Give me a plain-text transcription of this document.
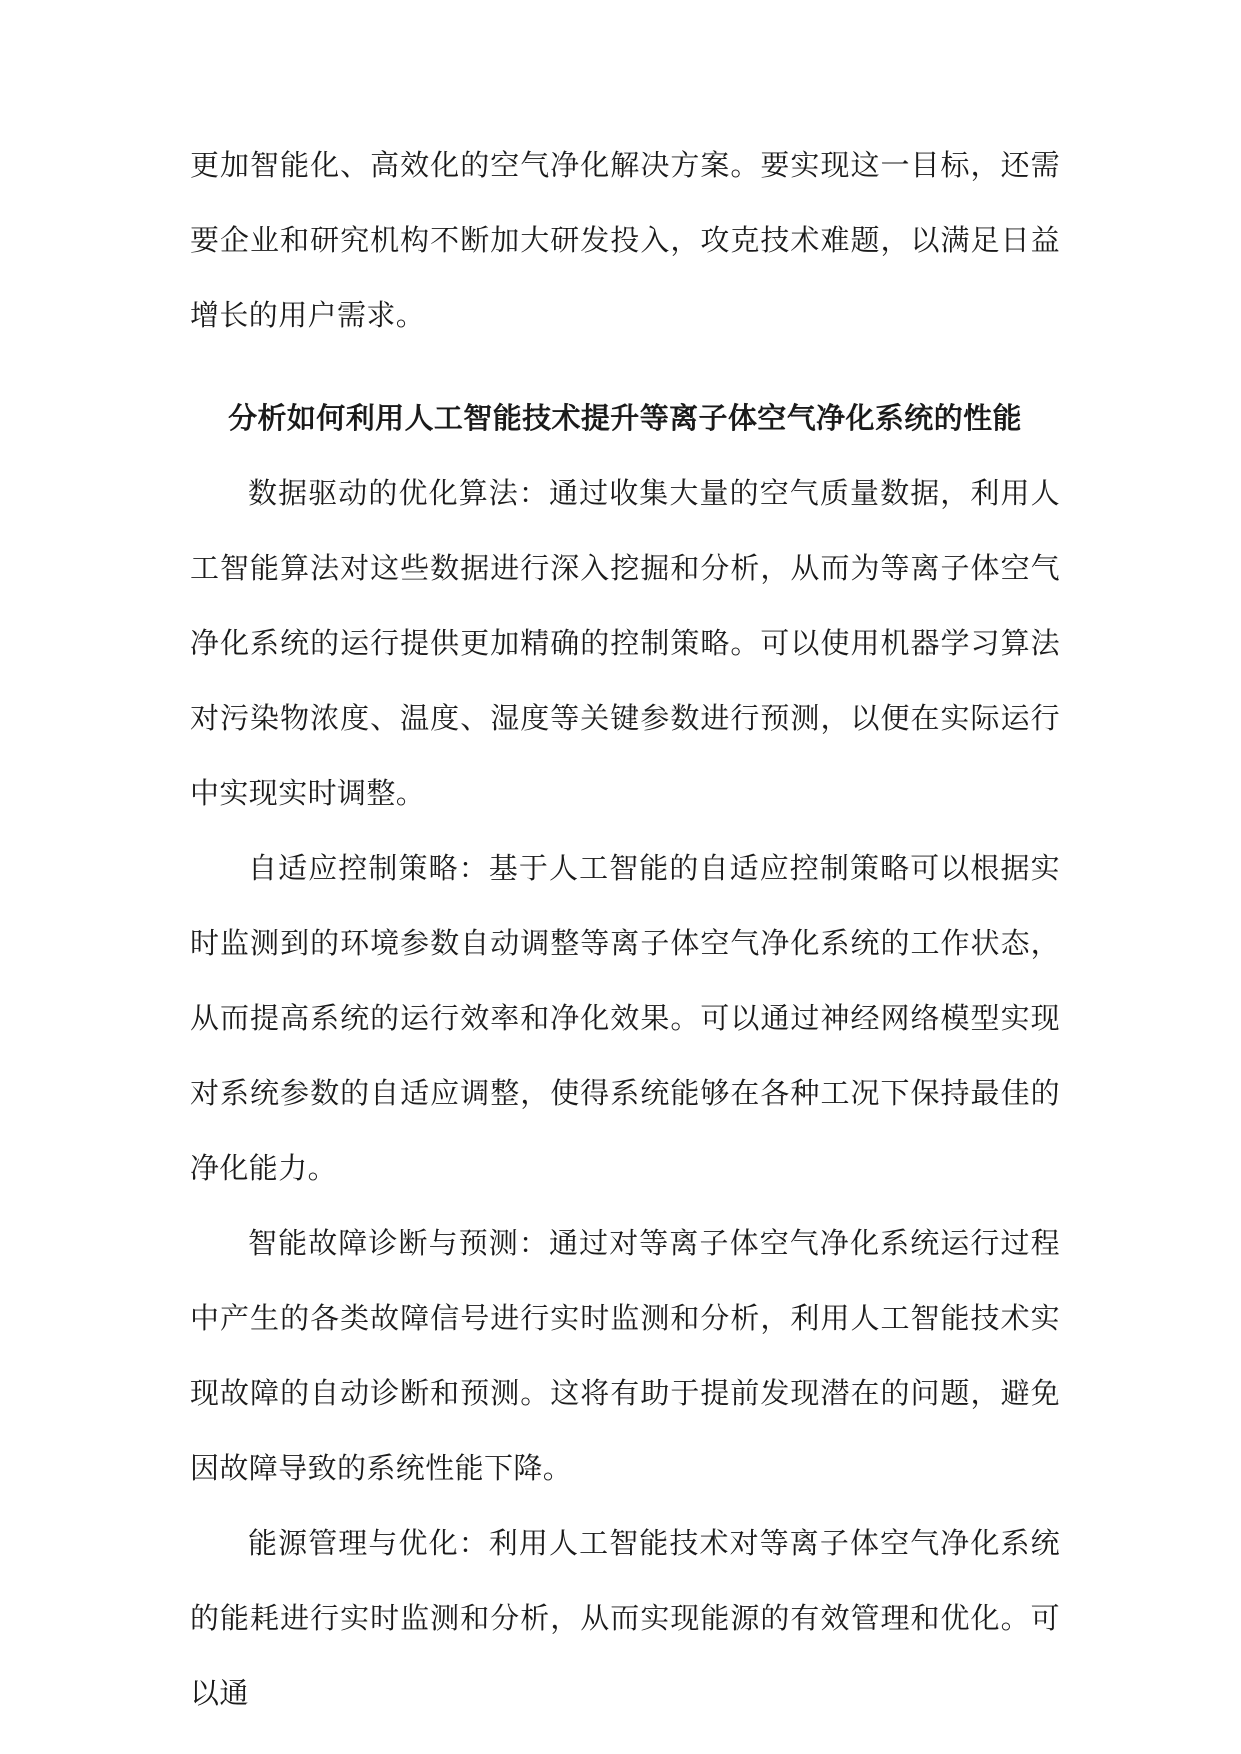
更加智能化、高效化的空气净化解决方案。要实现这一目标，还需要企业和研究机构不断加大研发投入，攻克技术难题，以满足日益增长的用户需求。

分析如何利用人工智能技术提升等离子体空气净化系统的性能

数据驱动的优化算法：通过收集大量的空气质量数据，利用人工智能算法对这些数据进行深入挖掘和分析，从而为等离子体空气净化系统的运行提供更加精确的控制策略。可以使用机器学习算法对污染物浓度、温度、湿度等关键参数进行预测，以便在实际运行中实现实时调整。

自适应控制策略：基于人工智能的自适应控制策略可以根据实时监测到的环境参数自动调整等离子体空气净化系统的工作状态，从而提高系统的运行效率和净化效果。可以通过神经网络模型实现对系统参数的自适应调整，使得系统能够在各种工况下保持最佳的净化能力。

智能故障诊断与预测：通过对等离子体空气净化系统运行过程中产生的各类故障信号进行实时监测和分析，利用人工智能技术实现故障的自动诊断和预测。这将有助于提前发现潜在的问题，避免因故障导致的系统性能下降。

能源管理与优化：利用人工智能技术对等离子体空气净化系统的能耗进行实时监测和分析，从而实现能源的有效管理和优化。可以通
